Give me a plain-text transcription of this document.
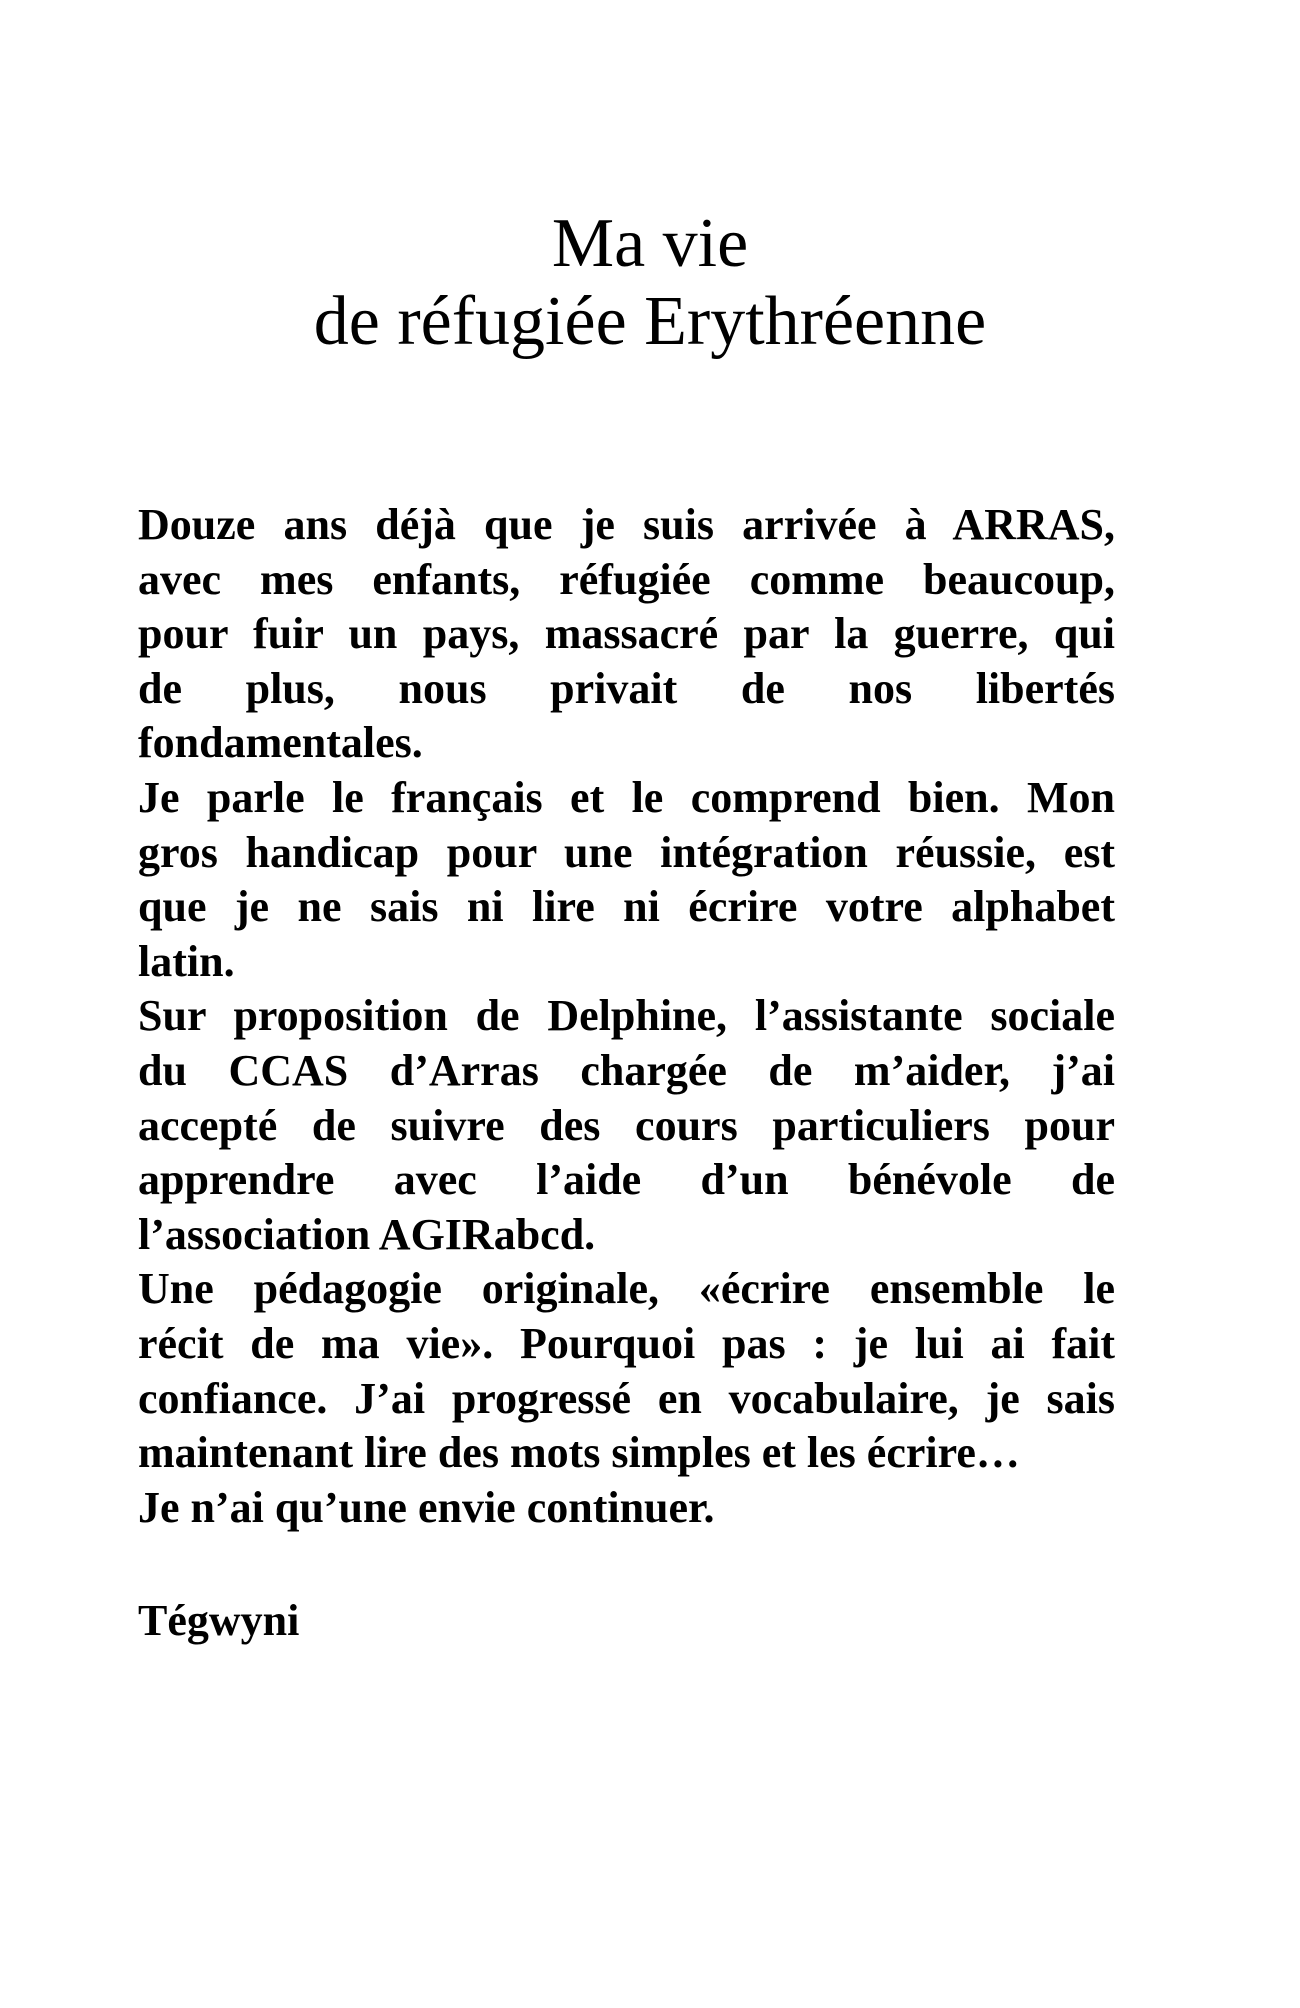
Ma vie
de réfugiée Erythréenne

Douze ans déjà que je suis arrivée à ARRAS,
avec mes enfants, réfugiée comme beaucoup,
pour fuir un pays, massacré par la guerre, qui
de plus, nous privait de nos libertés
fondamentales.

Je parle le français et le comprend bien. Mon
gros handicap pour une intégration réussie, est
que je ne sais ni lire ni écrire votre alphabet
latin.

Sur proposition de Delphine, l’assistante sociale
du CCAS d’Arras chargée de m’aider, j’ai
accepté de suivre des cours particuliers pour
apprendre avec l’aide d’un bénévole de
l’association AGIRabcd.

Une pédagogie originale, «écrire ensemble le
récit de ma vie». Pourquoi pas : je lui ai fait
confiance. J’ai progressé en vocabulaire, je sais
maintenant lire des mots simples et les écrire…
Je n’ai qu’une envie continuer.

Tégwyni
